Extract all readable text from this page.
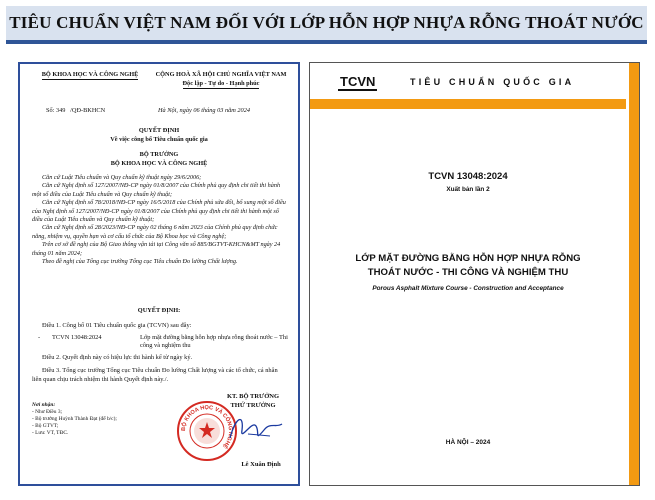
TIÊU CHUẨN VIỆT NAM ĐỐI VỚI LỚP HỖN HỢP NHỰA RỖNG THOÁT NƯỚC
BỘ KHOA HỌC VÀ CÔNG NGHỆ	CỘNG HOÀ XÃ HỘI CHỦ NGHĨA VIỆT NAM
Độc lập - Tự do - Hạnh phúc
Số: 349 /QĐ-BKHCN	Hà Nội, ngày 06 tháng 03 năm 2024
QUYẾT ĐỊNH
Về việc công bố Tiêu chuẩn quốc gia
BỘ TRƯỞNG
BỘ KHOA HỌC VÀ CÔNG NGHỆ

Căn cứ Luật Tiêu chuẩn và Quy chuẩn kỹ thuật ngày 29/6/2006;

Căn cứ Nghị định số 127/2007/NĐ-CP ngày 01/8/2007 của Chính phủ quy định chi tiết thi hành một số điều của Luật Tiêu chuẩn và Quy chuẩn kỹ thuật;

Căn cứ Nghị định số 78/2018/NĐ-CP ngày 16/5/2018 của Chính phủ sửa đổi, bổ sung một số điều của Nghị định số 127/2007/NĐ-CP ngày 01/8/2007 của Chính phủ quy định chi tiết thi hành một số điều của Luật Tiêu chuẩn và Quy chuẩn kỹ thuật;

Căn cứ Nghị định số 28/2023/NĐ-CP ngày 02 tháng 6 năm 2023 của Chính phủ quy định chức năng, nhiệm vụ, quyền hạn và cơ cấu tổ chức của Bộ Khoa học và Công nghệ;

Trên cơ sở đề nghị của Bộ Giao thông vận tải tại Công văn số 885/BGTVT-KHCN&MT ngày 24 tháng 01 năm 2024;

Theo đề nghị của Tổng cục trưởng Tổng cục Tiêu chuẩn Đo lường Chất lượng.

QUYẾT ĐỊNH:

Điều 1. Công bố 01 Tiêu chuẩn quốc gia (TCVN) sau đây:

- TCVN 13048:2024	Lớp mặt đường bằng hỗn hợp nhựa rỗng thoát nước – Thi công và nghiệm thu

Điều 2. Quyết định này có hiệu lực thi hành kể từ ngày ký.

Điều 3. Tổng cục trưởng Tổng cục Tiêu chuẩn Đo lường Chất lượng và các tổ chức, cá nhân liên quan chịu trách nhiệm thi hành Quyết định này./.

Nơi nhận:
- Như Điều 3;
- Bộ trưởng Huỳnh Thành Đạt (để b/c);
- Bộ GTVT;
- Lưu: VT, TĐC.
KT. BỘ TRƯỞNG
THỨ TRƯỞNG
BỘ KHOA HỌC VÀ CÔNG NGHỆ
Lê Xuân Định
TCVN	TIÊU CHUẨN QUỐC GIA
TCVN 13048:2024
Xuất bản lần 2
LỚP MẶT ĐƯỜNG BẰNG HỖN HỢP NHỰA RỖNG
THOÁT NƯỚC - THI CÔNG VÀ NGHIỆM THU
Porous Asphalt Mixture Course - Construction and Acceptance
HÀ NỘI – 2024
